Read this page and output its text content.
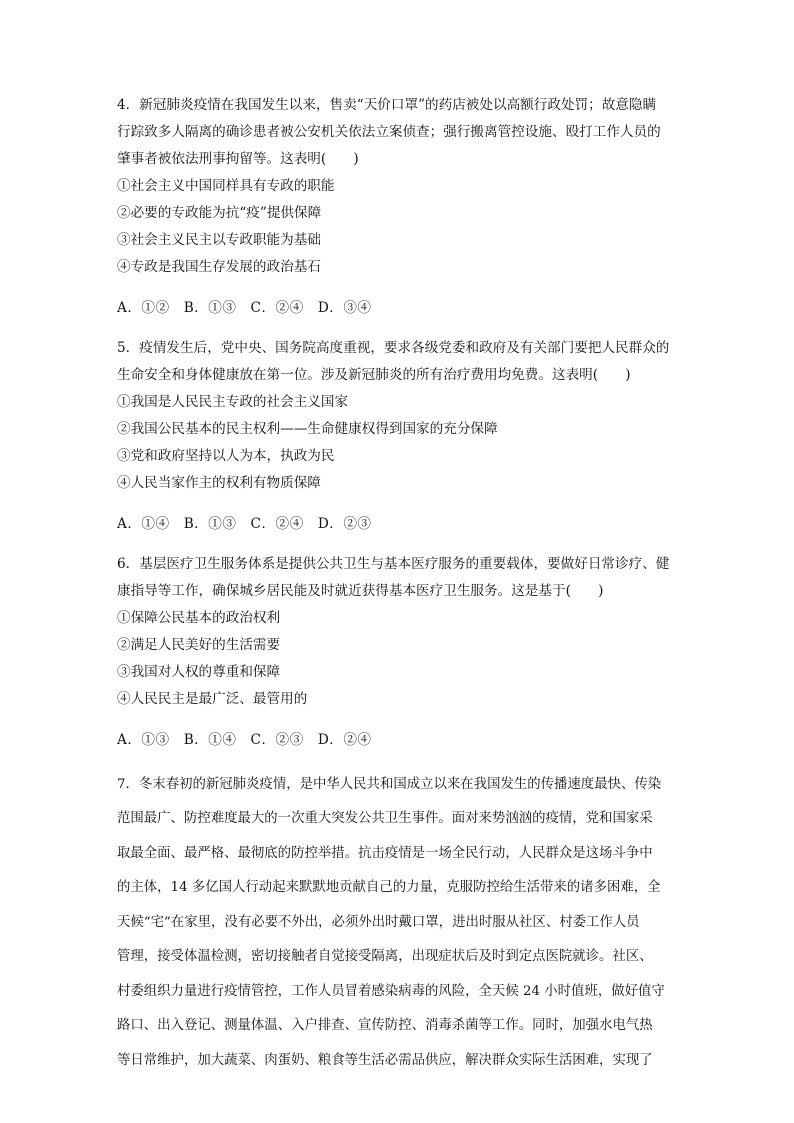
4．新冠肺炎疫情在我国发生以来，售卖“天价口罩”的药店被处以高额行政处罚；故意隐瞒

行踪致多人隔离的确诊患者被公安机关依法立案侦查；强行搬离管控设施、殴打工作人员的

肇事者被依法刑事拘留等。这表明(　　)

①社会主义中国同样具有专政的职能

②必要的专政能为抗“疫”提供保障

③社会主义民主以专政职能为基础

④专政是我国生存发展的政治基石

A．①②　B．①③　C．②④　D．③④

5．疫情发生后，党中央、国务院高度重视，要求各级党委和政府及有关部门要把人民群众的

生命安全和身体健康放在第一位。涉及新冠肺炎的所有治疗费用均免费。这表明(　　)

①我国是人民民主专政的社会主义国家

②我国公民基本的民主权利——生命健康权得到国家的充分保障

③党和政府坚持以人为本，执政为民

④人民当家作主的权利有物质保障

A．①④　B．①③　C．②④　D．②③

6．基层医疗卫生服务体系是提供公共卫生与基本医疗服务的重要载体，要做好日常诊疗、健

康指导等工作，确保城乡居民能及时就近获得基本医疗卫生服务。这是基于(　　)

①保障公民基本的政治权利

②满足人民美好的生活需要

③我国对人权的尊重和保障

④人民民主是最广泛、最管用的

A．①③　B．①④　C．②③　D．②④

7．冬末春初的新冠肺炎疫情，是中华人民共和国成立以来在我国发生的传播速度最快、传染

范围最广、防控难度最大的一次重大突发公共卫生事件。面对来势汹汹的疫情，党和国家采

取最全面、最严格、最彻底的防控举措。抗击疫情是一场全民行动，人民群众是这场斗争中

的主体，14 多亿国人行动起来默默地贡献自己的力量，克服防控给生活带来的诸多困难，全

天候“宅”在家里，没有必要不外出，必须外出时戴口罩，进出时服从社区、村委工作人员

管理，接受体温检测，密切接触者自觉接受隔离，出现症状后及时到定点医院就诊。社区、

村委组织力量进行疫情管控，工作人员冒着感染病毒的风险，全天候 24 小时值班，做好值守

路口、出入登记、测量体温、入户排查、宣传防控、消毒杀菌等工作。同时，加强水电气热

等日常维护，加大蔬菜、肉蛋奶、粮食等生活必需品供应，解决群众实际生活困难，实现了
